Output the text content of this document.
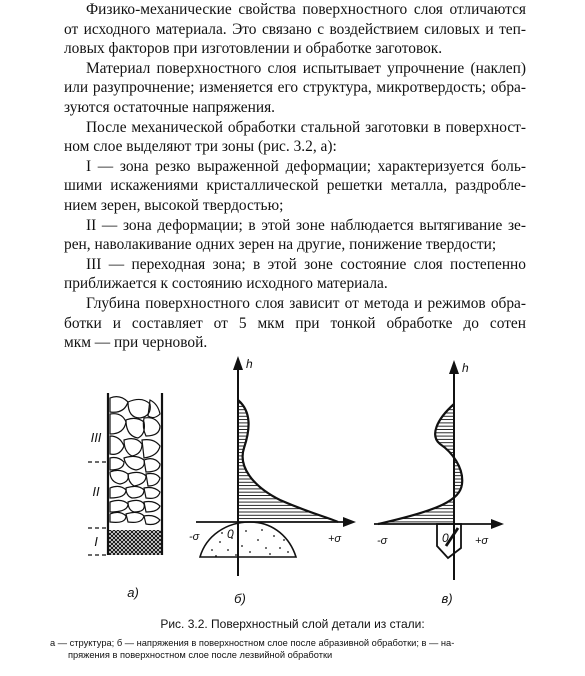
Физико-механические свойства поверхностного слоя отличаются

от исходного материала. Это связано с воздействием силовых и теп-

ловых факторов при изготовлении и обработке заготовок.

Материал поверхностного слоя испытывает упрочнение (наклеп)

или разупрочнение; изменяется его структура, микротвердость; обра-

зуются остаточные напряжения.

После механической обработки стальной заготовки в поверхност-

ном слое выделяют три зоны (рис. 3.2, а):

I — зона резко выраженной деформации; характеризуется боль-

шими искажениями кристаллической решетки металла, раздробле-

нием зерен, высокой твердостью;

II — зона деформации; в этой зоне наблюдается вытягивание зе-

рен, наволакивание одних зерен на другие, понижение твердости;

III — переходная зона; в этой зоне состояние слоя постепенно

приближается к состоянию исходного материала.

Глубина поверхностного слоя зависит от метода и режимов обра-

ботки и составляет от 5 мкм при тонкой обработке до сотен

мкм — при черновой.

III
II
I
а)
h
-σ	+σ
0
б)
h
-σ	+σ
0
в)
Рис. 3.2. Поверхностный слой детали из стали:
а — структура; б — напряжения в поверхностном слое после абразивной обработки; в — на-
пряжения в поверхностном слое после лезвийной обработки
